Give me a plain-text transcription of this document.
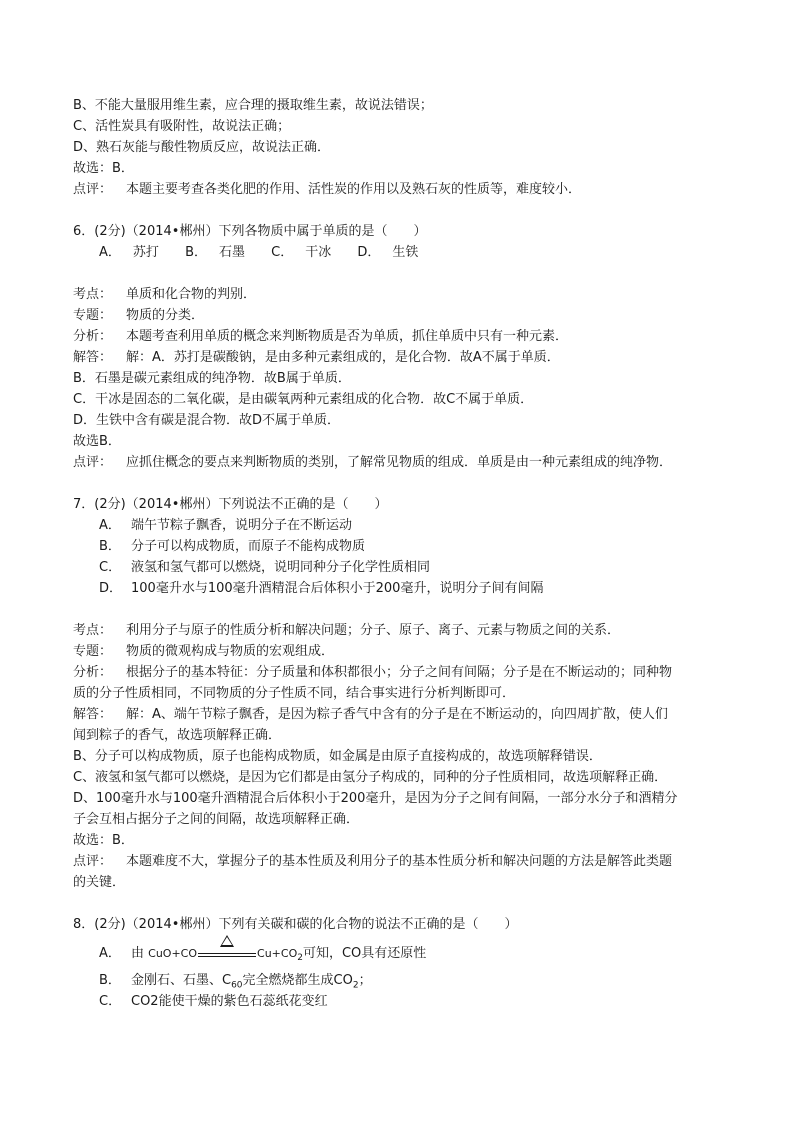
B、不能大量服用维生素，应合理的摄取维生素，故说法错误；
C、活性炭具有吸附性，故说法正确；
D、熟石灰能与酸性物质反应，故说法正确．
故选：B．
点评： 本题主要考查各类化肥的作用、活性炭的作用以及熟石灰的性质等，难度较小．
6．(2分)（2014•郴州）下列各物质中属于单质的是（　　）
A． 苏打 B． 石墨 C． 干冰 D． 生铁
考点： 单质和化合物的判别．
专题： 物质的分类．
分析： 本题考查利用单质的概念来判断物质是否为单质，抓住单质中只有一种元素．
解答： 解：A．苏打是碳酸钠，是由多种元素组成的，是化合物．故A不属于单质．
B．石墨是碳元素组成的纯净物．故B属于单质．
C．干冰是固态的二氧化碳，是由碳氧两种元素组成的化合物．故C不属于单质．
D．生铁中含有碳是混合物．故D不属于单质．
故选B．
点评： 应抓住概念的要点来判断物质的类别，了解常见物质的组成．单质是由一种元素组成的纯净物．
7．(2分)（2014•郴州）下列说法不正确的是（　　）
A． 端午节粽子飘香，说明分子在不断运动
B． 分子可以构成物质，而原子不能构成物质
C． 液氢和氢气都可以燃烧，说明同种分子化学性质相同
D． 100毫升水与100毫升酒精混合后体积小于200毫升，说明分子间有间隔
考点： 利用分子与原子的性质分析和解决问题；分子、原子、离子、元素与物质之间的关系．
专题： 物质的微观构成与物质的宏观组成．
分析： 根据分子的基本特征：分子质量和体积都很小；分子之间有间隔；分子是在不断运动的；同种物
质的分子性质相同，不同物质的分子性质不同，结合事实进行分析判断即可．
解答： 解：A、端午节粽子飘香，是因为粽子香气中含有的分子是在不断运动的，向四周扩散，使人们
闻到粽子的香气，故选项解释正确．
B、分子可以构成物质，原子也能构成物质，如金属是由原子直接构成的，故选项解释错误．
C、液氢和氢气都可以燃烧，是因为它们都是由氢分子构成的，同种的分子性质相同，故选项解释正确．
D、100毫升水与100毫升酒精混合后体积小于200毫升，是因为分子之间有间隔，一部分水分子和酒精分
子会互相占据分子之间的间隔，故选项解释正确．
故选：B．
点评： 本题难度不大，掌握分子的基本性质及利用分子的基本性质分析和解决问题的方法是解答此类题
的关键．
8．(2分)（2014•郴州）下列有关碳和碳的化合物的说法不正确的是（　　）
A． 由 CuO+CO	$Cu+CO_2$可知，CO具有还原性
B． 金刚石、石墨、$C_{60}$完全燃烧都生成$CO_2$；
C． CO2能使干燥的紫色石蕊纸花变红
